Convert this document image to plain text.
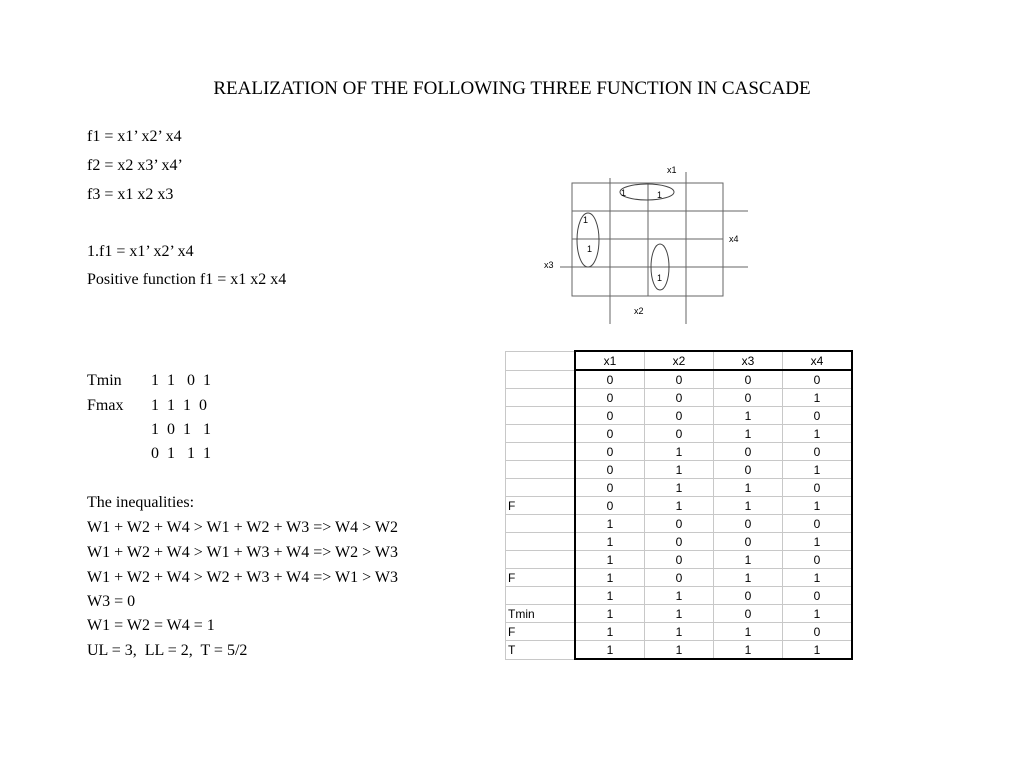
REALIZATION OF THE FOLLOWING THREE FUNCTION IN CASCADE
f1 = x1’ x2’ x4
f2 = x2 x3’ x4’
f3 = x1 x2 x3
1.f1 = x1’ x2’ x4
Positive function f1 = x1 x2 x4
Tmin 1  1   0  1
Fmax 1  1  1  0
1  0  1   1
0  1   1  1
The inequalities:
W1 + W2 + W4 > W1 + W2 + W3 => W4 > W2
W1 + W2 + W4 > W1 + W3 + W4 => W2 > W3
W1 + W2 + W4 > W2 + W3 + W4 => W1 > W3
W3 = 0
W1 = W2 = W4 = 1
UL = 3,  LL = 2,  T = 5/2
x1
x4
x3
x2
1	1
1
1
1
	x1	x2	x3	x4
	0	0	0	0
	0	0	0	1
	0	0	1	0
	0	0	1	1
	0	1	0	0
	0	1	0	1
	0	1	1	0
F	0	1	1	1
	1	0	0	0
	1	0	0	1
	1	0	1	0
F	1	0	1	1
	1	1	0	0
Tmin	1	1	0	1
F	1	1	1	0
T	1	1	1	1
